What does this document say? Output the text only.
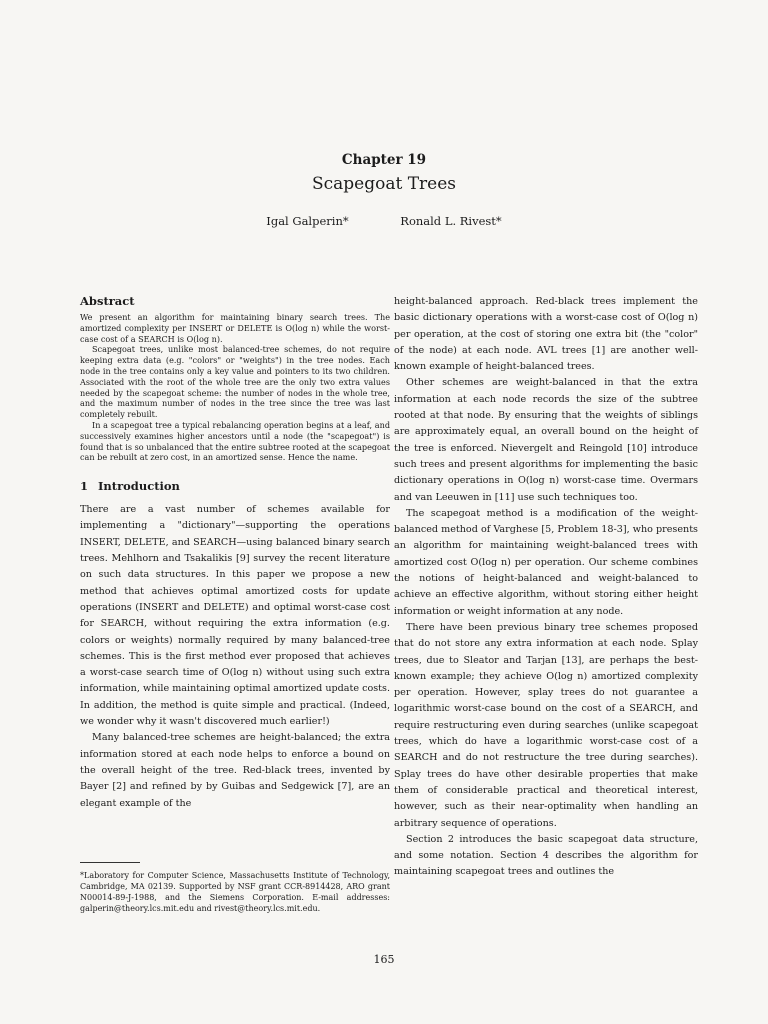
Chapter 19
Scapegoat Trees
Igal Galperin*	Ronald L. Rivest*
Abstract

We present an algorithm for maintaining binary search trees. The amortized complexity per INSERT or DELETE is O(log n) while the worst-case cost of a SEARCH is O(log n).

Scapegoat trees, unlike most balanced-tree schemes, do not require keeping extra data (e.g. "colors" or "weights") in the tree nodes. Each node in the tree contains only a key value and pointers to its two children. Associated with the root of the whole tree are the only two extra values needed by the scapegoat scheme: the number of nodes in the whole tree, and the maximum number of nodes in the tree since the tree was last completely rebuilt.

In a scapegoat tree a typical rebalancing operation begins at a leaf, and successively examines higher ancestors until a node (the "scapegoat") is found that is so unbalanced that the entire subtree rooted at the scapegoat can be rebuilt at zero cost, in an amortized sense. Hence the name.

1 Introduction

There are a vast number of schemes available for implementing a "dictionary"—supporting the operations INSERT, DELETE, and SEARCH—using balanced binary search trees. Mehlhorn and Tsakalikis [9] survey the recent literature on such data structures. In this paper we propose a new method that achieves optimal amortized costs for update operations (INSERT and DELETE) and optimal worst-case cost for SEARCH, without requiring the extra information (e.g. colors or weights) normally required by many balanced-tree schemes. This is the first method ever proposed that achieves a worst-case search time of O(log n) without using such extra information, while maintaining optimal amortized update costs. In addition, the method is quite simple and practical. (Indeed, we wonder why it wasn't discovered much earlier!)

Many balanced-tree schemes are height-balanced; the extra information stored at each node helps to enforce a bound on the overall height of the tree. Red-black trees, invented by Bayer [2] and refined by by Guibas and Sedgewick [7], are an elegant example of the

height-balanced approach. Red-black trees implement the basic dictionary operations with a worst-case cost of O(log n) per operation, at the cost of storing one extra bit (the "color" of the node) at each node. AVL trees [1] are another well-known example of height-balanced trees.

Other schemes are weight-balanced in that the extra information at each node records the size of the subtree rooted at that node. By ensuring that the weights of siblings are approximately equal, an overall bound on the height of the tree is enforced. Nievergelt and Reingold [10] introduce such trees and present algorithms for implementing the basic dictionary operations in O(log n) worst-case time. Overmars and van Leeuwen in [11] use such techniques too.

The scapegoat method is a modification of the weight-balanced method of Varghese [5, Problem 18-3], who presents an algorithm for maintaining weight-balanced trees with amortized cost O(log n) per operation. Our scheme combines the notions of height-balanced and weight-balanced to achieve an effective algorithm, without storing either height information or weight information at any node.

There have been previous binary tree schemes proposed that do not store any extra information at each node. Splay trees, due to Sleator and Tarjan [13], are perhaps the best-known example; they achieve O(log n) amortized complexity per operation. However, splay trees do not guarantee a logarithmic worst-case bound on the cost of a SEARCH, and require restructuring even during searches (unlike scapegoat trees, which do have a logarithmic worst-case cost of a SEARCH and do not restructure the tree during searches). Splay trees do have other desirable properties that make them of considerable practical and theoretical interest, however, such as their near-optimality when handling an arbitrary sequence of operations.

Section 2 introduces the basic scapegoat data structure, and some notation. Section 4 describes the algorithm for maintaining scapegoat trees and outlines the

*Laboratory for Computer Science, Massachusetts Institute of Technology, Cambridge, MA 02139. Supported by NSF grant CCR-8914428, ARO grant N00014-89-J-1988, and the Siemens Corporation. E-mail addresses: galperin@theory.lcs.mit.edu and rivest@theory.lcs.mit.edu.
165
